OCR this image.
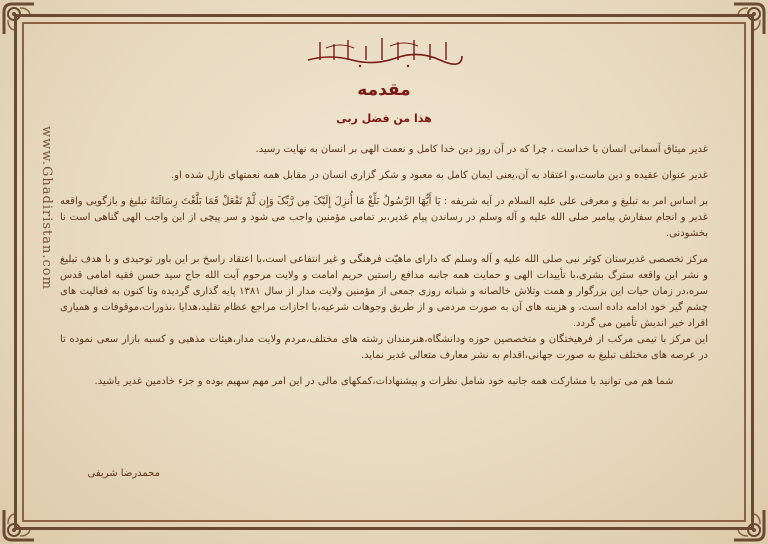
www.Ghadiristan.com
مقدمه
هذا من فضل ربی

غدیر میثاق آسمانی انسان با خداست ، چرا که در آن روز دین خدا کامل و نعمت الهی بر انسان به نهایت رسید.

غدیر عنوان عقیده و دین ماست،و اعتقاد به آن،یعنی ایمان کامل به معبود و شکر گزاری انسان در مقابل همه نعمتهای نازل شده او.

بر اساس امر به تبلیغ و معرفی علی علیه السلام در آیه شریفه : یَا أَیُّهَا الرَّسُولُ بَلِّغْ مَا أُنزِلَ إِلَیْکَ مِن رَّبِّکَ وَإِن لَّمْ تَفْعَلْ فَمَا بَلَّغْتَ رِسَالَتَهُ تبلیغ و بازگویی واقعه غدیر و انجام سفارش پیامبر صلی الله علیه و آله وسلم در رساندن پیام غدیر،بر تمامی مؤمنین واجب می شود و سر پیچی از این واجب الهی گناهی است نا بخشودنی.

مرکز تخصصی غدیرستان کوثر نبی صلی الله علیه و آله وسلم که دارای ماهیّت فرهنگی و غیر انتفاعی است،با اعتقاد راسخ بر این باور توحیدی و با هدف تبلیغ و نشر این واقعه سترگ بشری،با تأییدات الهی و حمایت همه جانبه مدافع راستین حریم امامت و ولایت مرحوم آیت الله حاج سید حسن فقیه امامی قدس سره،در زمان حیات این بزرگوار و همت وتلاش خالصانه و شبانه روزی جمعی از مؤمنین ولایت مدار از سال ۱۳۸۱ پایه گذاری گردیده وتا کنون به فعالیت های چشم گیر خود ادامه داده است، و هزینه های آن به صورت مردمی و از طریق وجوهات شرعیه،با اجازات مراجع عظام تقلید،هدایا ،نذورات،موقوفات و همیاری افراد خیر اندیش تأمین می گردد.

این مرکز با تیمی مرکب از فرهیختگان و متخصصین حوزه ودانشگاه،هنرمندان رشته های مختلف،مردم ولایت مدار،هیئات مذهبی و کسبه بازار سعی نموده تا در عرصه های مختلف تبلیغ به صورت جهانی،اقدام به نشر معارف متعالی غدیر نماید.

شما هم می توانید با مشارکت همه جانبه خود شامل نظرات و پیشنهادات،کمکهای مالی در این امر مهم سهیم بوده و جزء خادمین غدیر باشید.

محمدرضا شریفی
